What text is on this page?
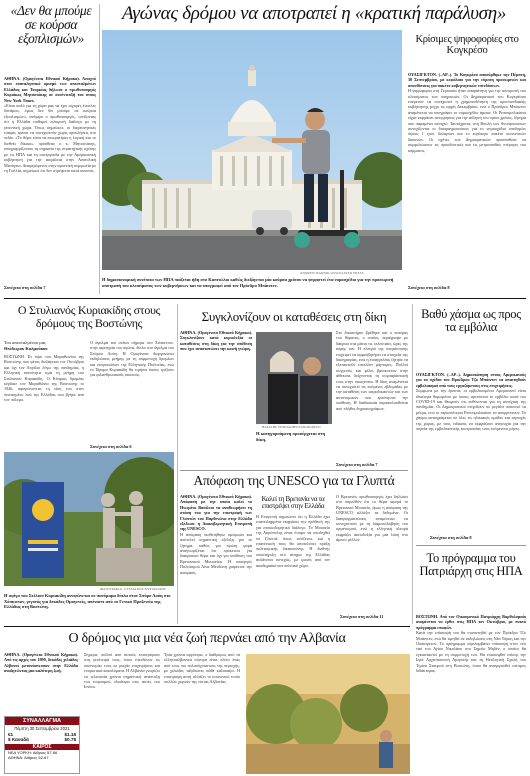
«Δεν θα μπούμε σε κούρσα εξοπλισμών»

ΑΘΗΝΑ. (Ομογένεια Εθνικού Κήρυκα). Ανοιχτό στον επαναληπτικό ορισμό των απεσταλμένων Ελλάδας και Τουρκίας δήλωσε ο πρωθυπουργός Κυριάκος Μητσοτάκης σε συνέντευξή του στους New York Times.

«Είναι καλό για τη χώρα μας να έχει ισχυρές ένοπλες δυνάμεις, όμως δεν θα μπούμε σε κούρσα εξοπλισμών», ανέφερε ο πρωθυπουργός, τονίζοντας ότι η Ελλάδα επιθυμεί ειλικρινή διάλογο με τη γειτονική χώρα. Όπως σημείωσε, οι διερευνητικές επαφές πρέπει να συνεχιστούν χωρίς προκλήσεις στο πεδίο. «Το θέμα είναι να επικρατήσει η λογική και το διεθνές δίκαιο», πρόσθεσε ο κ. Μητσοτάκης, υπογραμμίζοντας τη σημασία της στρατηγικής σχέσης με τις ΗΠΑ και τη συνεργασία με την Αμερικανική κυβέρνηση για την ασφάλεια στην Ανατολική Μεσόγειο. Αναφερόμενος στην αμυντική συμφωνία με τη Γαλλία, σημείωσε ότι δεν στρέφεται κατά κανενός.

Συνέχεια στη σελίδα 7
Αγώνας δρόμου να αποτραπεί η «κρατική παράλυση»
ANDREW HARNIK/ASSOCIATED PRESS
Κρίσιμες ψηφοφορίες στο Κογκρέσο

ΟΥΑΣΙΓΚΤΟΝ. (–ΑΡ–). Το Κογκρέσο αποσύρθηκε την Πέμπτη, 30 Σεπτεμβρίου, με κεφάλαιο για την εύρεση προσωρινών και απευθύνσεις για πακέτο κυβερνητικών επενδύσεων.

Η ψηφοφορία στη Γερουσία ήταν απαραίτητη για την αποτροπή του κλεισίματος των υπηρεσιών. Οι Δημοκρατικοί του Κογκρέσου επέμεναν να συνεχιστεί η χρηματοδότηση της ομοσπονδιακής κυβέρνησης μέχρι τις αρχές Δεκεμβρίου, ενώ ο Πρόεδρος Μπάιντεν αναμένεται να υπογράψει το νομοσχέδιο άμεσα. Οι Ρεπουμπλικάνοι είχαν εκφράσει αντιρρήσεις για την αύξηση του ορίου χρέους, ζήτημα που παραμένει ανοιχτό. Ταυτόχρονα, στη Βουλή των Αντιπροσώπων συνεχίζονται οι διαπραγματεύσεις για το νομοσχέδιο υποδομών ύψους 1 τρισ. δολαρίων και το ευρύτερο πακέτο κοινωνικών δαπανών. Οι ηγέτες των Δημοκρατικών προσπαθούν να συμφιλιώσουν τις προοδευτικές και τις μετριοπαθείς πτέρυγες του κόμματος.

Συνέχεια στη σελίδα 8
Η δημοσιονομική συνέπεια των ΗΠΑ παίζεται ήδη στο Καπιτώλιο καθώς διεξάγεται μία κούρσα χρόνου να ψηφιστεί ένα νομοσχέδιο για την προσωρινή αποτροπή του κλεισίματος των κυβερνήσεων και να υπογραφεί από τον Πρόεδρο Μπάιντεν.
Ο Στυλιανός Κυριακίδης στους δρόμους της Βοστώνης
Του απεσταλμένου μας
Θεόδωρου Καλμούκου
ΒΟΣΤΩΝΗ. Εν όψει του Μαραθωνίου της Βοστώνης που φέτος διεξάγεται τον Οκτώβριο και όχι τον Απρίλιο λόγω της πανδημίας, η Ελληνική κοινότητα τιμά τη μνήμη του Στυλιανού Κυριακίδη. Ο Κύπριος δρομέας κέρδισε τον Μαραθώνιο της Βοστώνης το 1946, αφιερώνοντας τη νίκη του στον πεινασμένο λαό της Ελλάδας που βγήκε από τον πόλεμο.
Ο άγαλμά του στέκει σήμερα στο Χόπκιντον, στην αφετηρία του αγώνα, δίπλα στο άγαλμα του Σπύρου Λούη. Η Ομογένεια διοργανώνει εκδηλώσεις μνήμης με τη συμμετοχή δρομέων και εκπροσώπων της Ελληνικής Πολιτείας, ενώ το Ίδρυμα Κυριακίδη θα τιμήσει όσους τρέξουν για φιλανθρωπικούς σκοπούς.
Συνέχεια στη σελίδα 6
ΦΩΤΟΓΡΑΦΙΑ: ΣΤΥΛΙΑΝΟΣ ΚΥΡΙΑΚΙΔΗΣ
Η σφίγα του Στέλιου Κυριακίδη ανυψώνεται σε πανόραμα δίπλα στον Σπύρο Λούη στο Χόπκιντον, γεγονός για δεκάδες Ομογενείς, απέναντι από το Γενικό Προξενείο της Ελλάδας στη Βοστώνη.
Συγκλονίζουν οι καταθέσεις στη δίκη
ΑΘΗΝΑ. (Ομογένεια Εθνικού Κήρυκα). Συγκλονίζουν κατά κυριολεξία οι καταθέσεις στη δίκη για την υπόθεση που έχει αναστατώσει την κοινή γνώμη.
ΒΑΣΙΛΗΣ ΡΕΜΠΑΠΗΣ/EUROKINISSI
Η κατηγορούμενη προσέρχεται στη δίκη.
Στο δικαστήριο βρέθηκε και ο πατέρας του θύματος, ο οποίος περιέγραψε με δάκρυα στα μάτια τις τελευταίες ώρες της κόρης του. Η πλευρά της υπεράσπισης επιχειρεί να αμφισβητήσει τα στοιχεία της δικογραφίας, ενώ η εισαγγελέας ζήτησε να εξεταστούν επιπλέον μάρτυρες. Πολλοί συγγενείς και φίλοι βρίσκονταν στην αίθουσα, δείχνοντας τη συμπαράστασή τους στην οικογένεια. Η δίκη αναμένεται να συνεχιστεί τις επόμενες εβδομάδες με την κατάθεση των ιατροδικαστών και των αστυνομικών που ερεύνησαν την υπόθεση. Η διαδικασία παρακολουθείται από πλήθος δημοσιογράφων.
Συνέχεια στη σελίδα 7
Απόφαση της UNESCO για τα Γλυπτά

ΑΘΗΝΑ. (Ομογένεια Εθνικού Κήρυκα). Απόφαση με την οποία καλεί το Ηνωμένο Βασίλειο να αναθεωρήσει τη στάση του για την επιστροφή των Γλυπτών του Παρθενώνα στην Ελλάδα εξέδωσε η Διακυβερνητική Επιτροπή της UNESCO.

Η απόφαση υιοθετήθηκε ομόφωνα και αποτελεί σημαντική εξέλιξη για το ζήτημα, καθώς για πρώτη φορά αναγνωρίζεται ότι πρόκειται για διακρατικό θέμα και όχι για υπόθεση του Βρετανικού Μουσείου. Η υπουργός Πολιτισμού Λίνα Μενδώνη χαιρέτισε την απόφαση.

Καλεί τη Βρετανία να τα επιστρέψει στην Ελλάδα
Η Επιτροπή σημειώνει ότι η Ελλάδα έχει επανειλημμένα εκφράσει την πρόθεσή της για εποικοδομητικό διάλογο. Το Μουσείο της Ακρόπολης είναι έτοιμο να υποδεχθεί τα Γλυπτά, όπως τονίζεται, και η επανένωσή τους θα αποτελέσει πράξη πολιτισμικής δικαιοσύνης. Η διεθνής υποστήριξη στο αίτημα της Ελλάδας αυξάνεται συνεχώς, με φωνές από τον ακαδημαϊκό και πολιτικό χώρο.
Ο Βρετανός πρωθυπουργός έχει δηλώσει στο παρελθόν ότι το θέμα αφορά το Βρετανικό Μουσείο, όμως η απόφαση της UNESCO αλλάζει τα δεδομένα. Οι διαπραγματεύσεις αναμένεται να συνεχιστούν με τη διαμεσολάβηση του οργανισμού, ενώ η ελληνική πλευρά εκφράζει αισιοδοξία για μια λύση στο άμεσο μέλλον.
Συνέχεια στη σελίδα 11
Βαθύ χάσμα ως προς τα εμβόλια

ΟΥΑΣΙΓΚΤΟΝ. (–ΑΡ–). Δημοσκόπηση στους Αμερικανούς για τα σχέδια του Προέδρου Τζο Μπάιντεν να απαιτηθούν εμβολιασμοί από τους εργαζόμενους στις επιχειρήσεις.

Σύμφωνα με την έρευνα, οι εμβολιασμένοι Αμερικανοί είναι ιδιαίτερα θυμωμένοι με όσους αρνούνται το εμβόλιο κατά του COVID-19 και θεωρούν ότι ευθύνονται για τη συνέχιση της πανδημίας. Οι Δημοκρατικοί στηρίζουν σε μεγάλο ποσοστό τα μέτρα, ενώ οι περισσότεροι Ρεπουμπλικάνοι τα απορρίπτουν. Το χάσμα καταγράφεται σε όλες τις ηλικιακές ομάδες και περιοχές της χώρας, με τους ειδικούς να εκφράζουν ανησυχία για την πορεία της εμβολιαστικής εκστρατείας τους επόμενους μήνες.

Συνέχεια στη σελίδα 8
Το πρόγραμμα του Πατριάρχη στις ΗΠΑ

ΒΟΣΤΩΝΗ. Από τον Οικουμενικό Πατριάρχη Βαρθολομαίο αναμένεται να έρθει στις ΗΠΑ τον Οκτώβριο, με πυκνό πρόγραμμα επαφών.

Κατά την επίσκεψή του θα συναντηθεί με τον Πρόεδρο Τζο Μπάιντεν, ενώ θα τιμηθεί σε εκδηλώσεις στη Νέα Υόρκη και την Ουάσιγκτον. Το πρόγραμμα περιλαμβάνει επίσκεψη στον νέο ναό του Αγίου Νικολάου στο Σημείο Μηδέν, ο οποίος θα εγκαινιαστεί με τη συμμετοχή του. Θα επισκεφθεί επίσης την Ιερά Αρχιεπισκοπή Αμερικής και τη Θεολογική Σχολή του Τιμίου Σταυρού στη Βοστώνη, όπου θα αναγορευθεί επίτιμος διδάκτορας.

Ο δρόμος για μια νέα ζωή περνάει από την Αλβανία
ΑΘΗΝΑ. (Ομογένεια Εθνικού Κήρυκα). Από τις αρχές του 1990, δεκάδες χιλιάδες Αλβανοί μετανάστευσαν στην Ελλάδα αναζητώντας μια καλύτερη ζωή.
Σήμερα, πολλοί από αυτούς επιστρέφουν στη γενέτειρά τους, όπου επενδύουν τις οικονομίες τους σε μικρές επιχειρήσεις και τουριστικά καταλύματα. Η Αλβανία γνωρίζει τα τελευταία χρόνια σημαντική ανάπτυξη του τουρισμού, ιδιαίτερα στις ακτές του Ιονίου.
Τρία χρόνια αργότερα, ο διάδρομος από τα ελληνοαλβανικά σύνορα είναι πλέον ένας από τους πιο πολυσύχναστους της περιοχής, με χιλιάδες ταξιδιώτες κάθε καλοκαίρι. Η επιστροφή αυτή αλλάζει το κοινωνικό τοπίο πολλών χωριών της νότιας Αλβανίας.
ΣΥΝΑΛΛΑΓΜΑ
Πέμπτη 30 Σεπτεμβρίου 2021
€1	$1.16
$ Καναδά	$0.78
ΚΑΙΡΟΣ
ΝΕΑ ΥΟΡΚΗ: Αίθριος 57-66
ΑΘΗΝΑ: Αίθριος 52-67
